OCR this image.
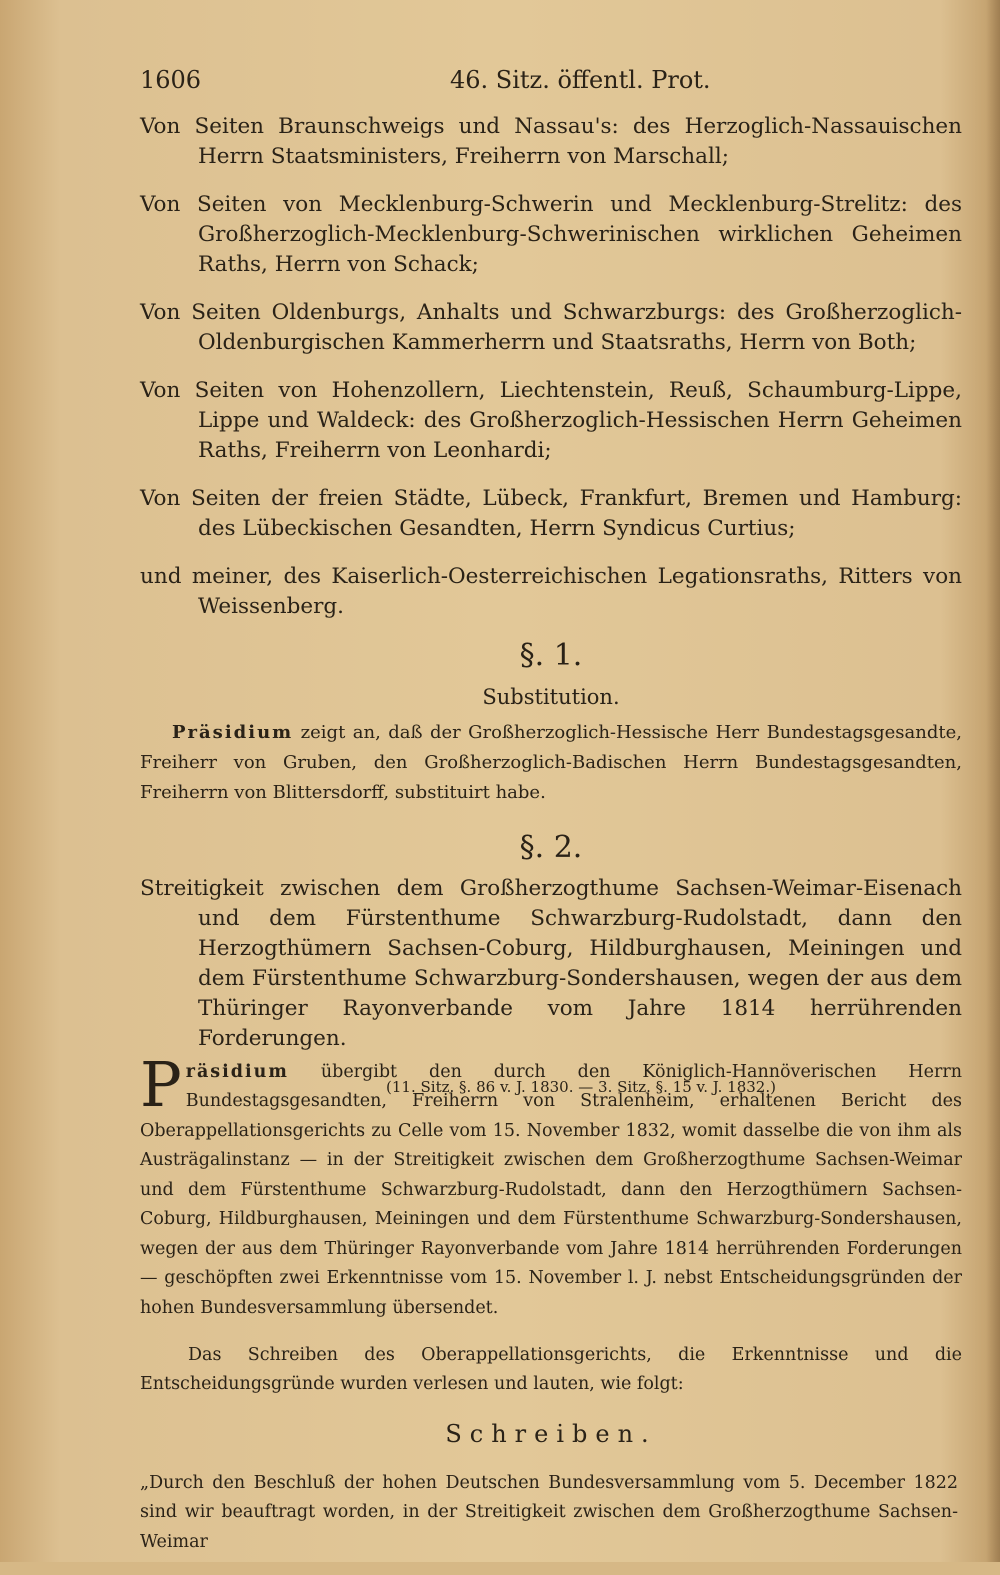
1606	46. Sitz. öffentl. Prot.

Von Seiten Braunschweigs und Nassau's: des Herzoglich-Nassauischen Herrn Staatsministers, Freiherrn von Marschall;

Von Seiten von Mecklenburg-Schwerin und Mecklenburg-Strelitz: des Großherzoglich-Mecklenburg-Schwerinischen wirklichen Geheimen Raths, Herrn von Schack;

Von Seiten Oldenburgs, Anhalts und Schwarzburgs: des Großherzoglich-Oldenburgischen Kammerherrn und Staatsraths, Herrn von Both;

Von Seiten von Hohenzollern, Liechtenstein, Reuß, Schaumburg-Lippe, Lippe und Waldeck: des Großherzoglich-Hessischen Herrn Geheimen Raths, Freiherrn von Leonhardi;

Von Seiten der freien Städte, Lübeck, Frankfurt, Bremen und Hamburg: des Lübeckischen Gesandten, Herrn Syndicus Curtius;

und meiner, des Kaiserlich-Oesterreichischen Legationsraths, Ritters von Weissenberg.

§. 1.
Substitution.

Präsidium zeigt an, daß der Großherzoglich-Hessische Herr Bundestagsgesandte, Freiherr von Gruben, den Großherzoglich-Badischen Herrn Bundestagsgesandten, Freiherrn von Blittersdorff, substituirt habe.

§. 2.

Streitigkeit zwischen dem Großherzogthume Sachsen-Weimar-Eisenach und dem Fürstenthume Schwarzburg-Rudolstadt, dann den Herzogthümern Sachsen-Coburg, Hildburghausen, Meiningen und dem Fürstenthume Schwarzburg-Sondershausen, wegen der aus dem Thüringer Rayonverbande vom Jahre 1814 herrührenden Forderungen.

(11. Sitz. §. 86 v. J. 1830. — 3. Sitz. §. 15 v. J. 1832.)

Präsidium übergibt den durch den Königlich-Hannöverischen Herrn Bundestagsgesandten, Freiherrn von Stralenheim, erhaltenen Bericht des Oberappellationsgerichts zu Celle vom 15. November 1832, womit dasselbe die von ihm als Austrägalinstanz — in der Streitigkeit zwischen dem Großherzogthume Sachsen-Weimar und dem Fürstenthume Schwarzburg-Rudolstadt, dann den Herzogthümern Sachsen-Coburg, Hildburghausen, Meiningen und dem Fürstenthume Schwarzburg-Sondershausen, wegen der aus dem Thüringer Rayonverbande vom Jahre 1814 herrührenden Forderungen — geschöpften zwei Erkenntnisse vom 15. November l. J. nebst Entscheidungsgründen der hohen Bundesversammlung übersendet.

Das Schreiben des Oberappellationsgerichts, die Erkenntnisse und die Entscheidungsgründe wurden verlesen und lauten, wie folgt:

Schreiben.

„Durch den Beschluß der hohen Deutschen Bundesversammlung vom 5. December 1822 sind wir beauftragt worden, in der Streitigkeit zwischen dem Großherzogthume Sachsen-Weimar
